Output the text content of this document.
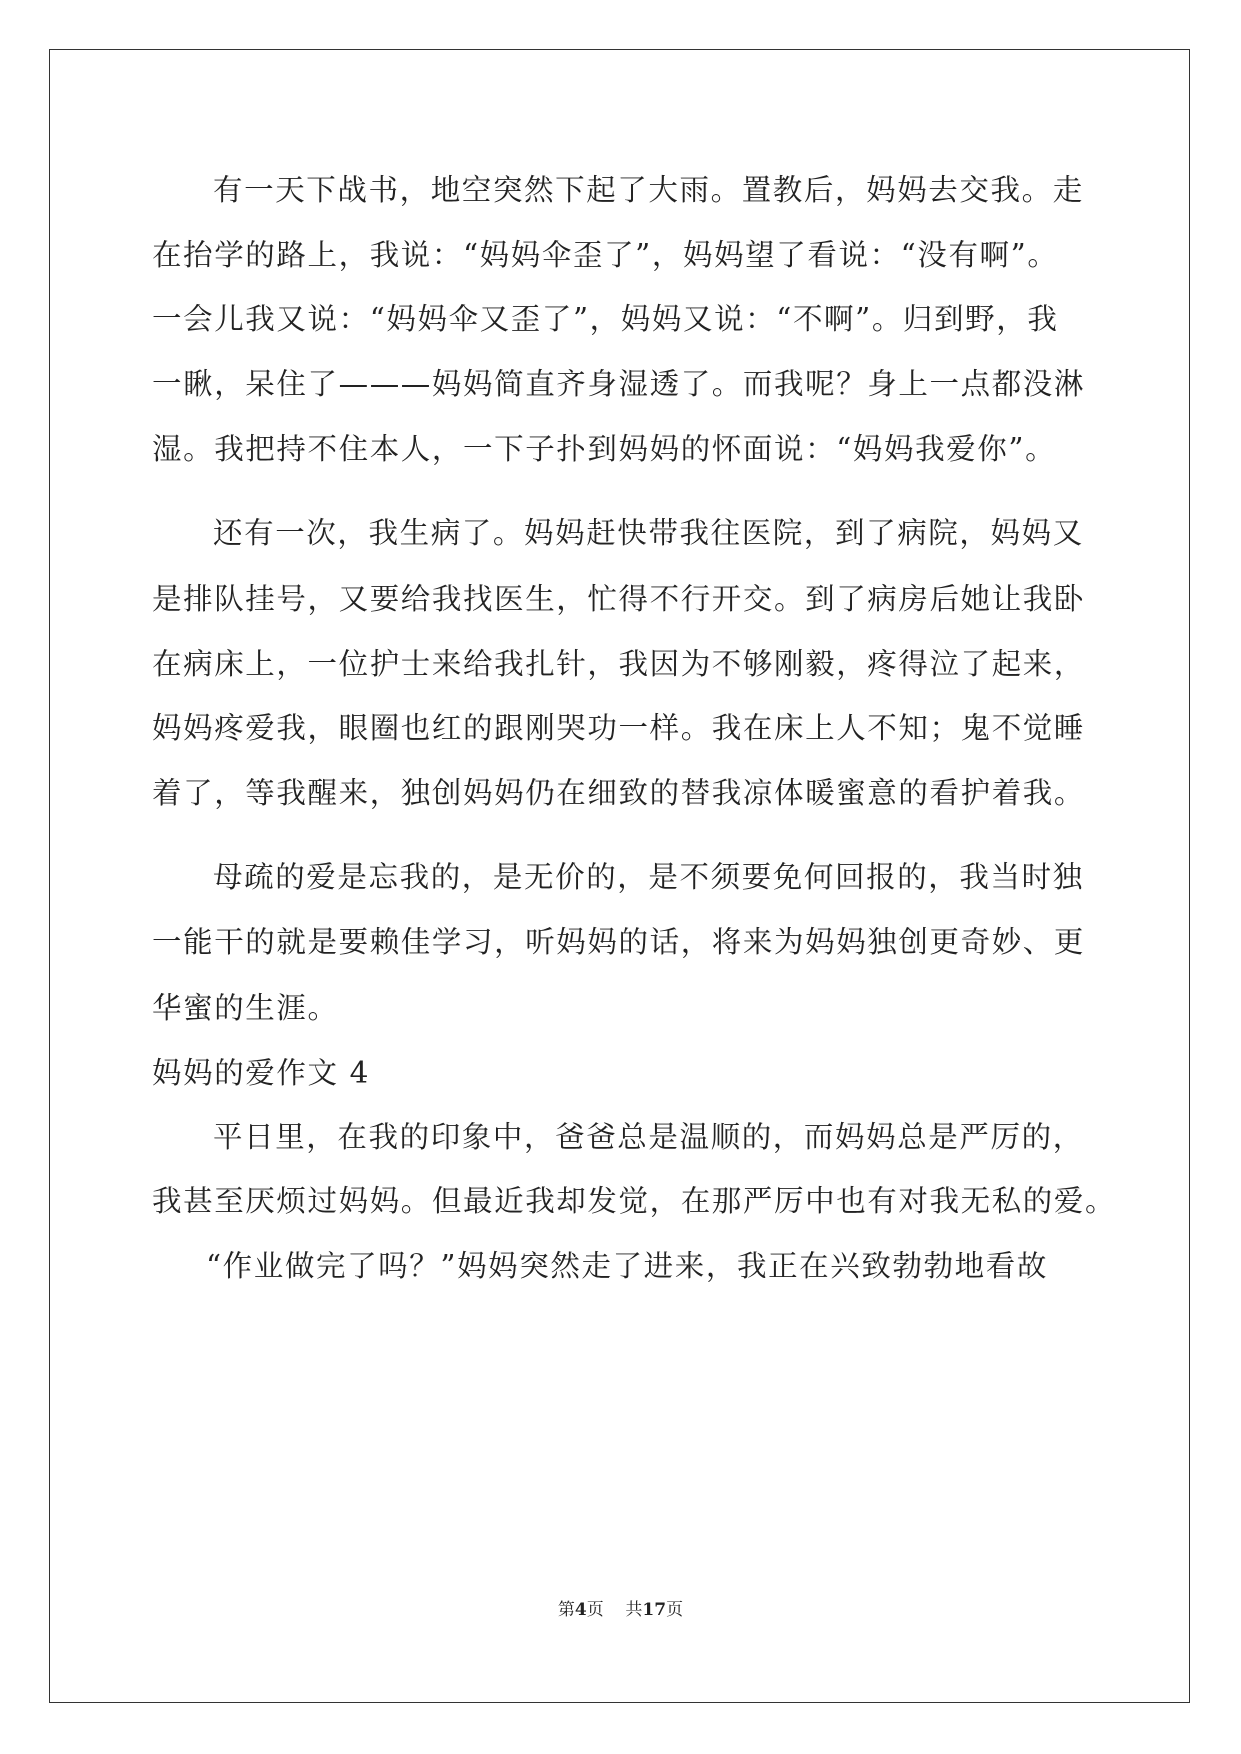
有一天下战书，地空突然下起了大雨。置教后，妈妈去交我。走
在抬学的路上，我说：“妈妈伞歪了”，妈妈望了看说：“没有啊”。
一会儿我又说：“妈妈伞又歪了”，妈妈又说：“不啊”。归到野，我
一瞅，呆住了———妈妈简直齐身湿透了。而我呢？身上一点都没淋
湿。我把持不住本人，一下子扑到妈妈的怀面说：“妈妈我爱你”。
还有一次，我生病了。妈妈赶快带我往医院，到了病院，妈妈又
是排队挂号，又要给我找医生，忙得不行开交。到了病房后她让我卧
在病床上，一位护士来给我扎针，我因为不够刚毅，疼得泣了起来，
妈妈疼爱我，眼圈也红的跟刚哭功一样。我在床上人不知；鬼不觉睡
着了，等我醒来，独创妈妈仍在细致的替我凉体暖蜜意的看护着我。
母疏的爱是忘我的，是无价的，是不须要免何回报的，我当时独
一能干的就是要赖佳学习，听妈妈的话，将来为妈妈独创更奇妙、更
华蜜的生涯。
妈妈的爱作文 4
平日里，在我的印象中，爸爸总是温顺的，而妈妈总是严厉的，
我甚至厌烦过妈妈。但最近我却发觉，在那严厉中也有对我无私的爱。
“作业做完了吗？”妈妈突然走了进来，我正在兴致勃勃地看故
第4页 共17页
